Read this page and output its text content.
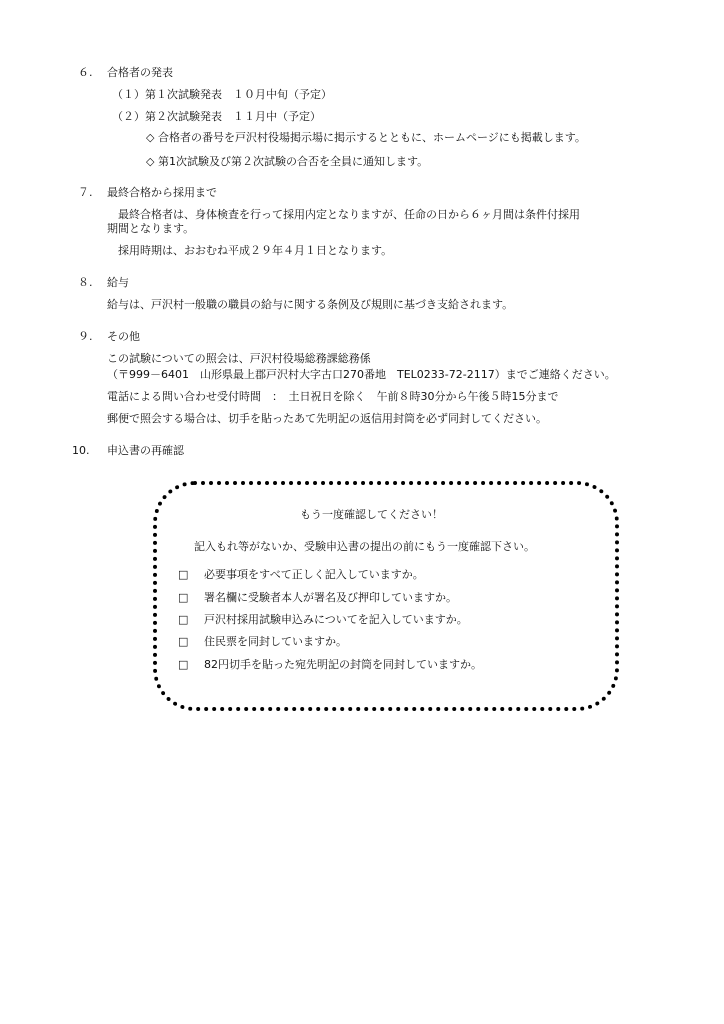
６. 合格者の発表
（１）第１次試験発表　１０月中旬（予定）
（２）第２次試験発表　１１月中（予定）
◇ 合格者の番号を戸沢村役場掲示場に掲示するとともに、ホームページにも掲載します。
◇ 第1次試験及び第２次試験の合否を全員に通知します。
７. 最終合格から採用まで
最終合格者は、身体検査を行って採用内定となりますが、任命の日から６ヶ月間は条件付採用
期間となります。
採用時期は、おおむね平成２９年４月１日となります。
８. 給与
給与は、戸沢村一般職の職員の給与に関する条例及び規則に基づき支給されます。
９. その他
この試験についての照会は、戸沢村役場総務課総務係
（〒999－6401　山形県最上郡戸沢村大字古口270番地　TEL0233-72-2117）までご連絡ください。
電話による問い合わせ受付時間　：　土日祝日を除く　午前８時30分から午後５時15分まで
郵便で照会する場合は、切手を貼ったあて先明記の返信用封筒を必ず同封してください。
10. 申込書の再確認
もう一度確認してください！
記入もれ等がないか、受験申込書の提出の前にもう一度確認下さい。
□ 必要事項をすべて正しく記入していますか。
□ 署名欄に受験者本人が署名及び押印していますか。
□ 戸沢村採用試験申込みについてを記入していますか。
□ 住民票を同封していますか。
□ 82円切手を貼った宛先明記の封筒を同封していますか。
